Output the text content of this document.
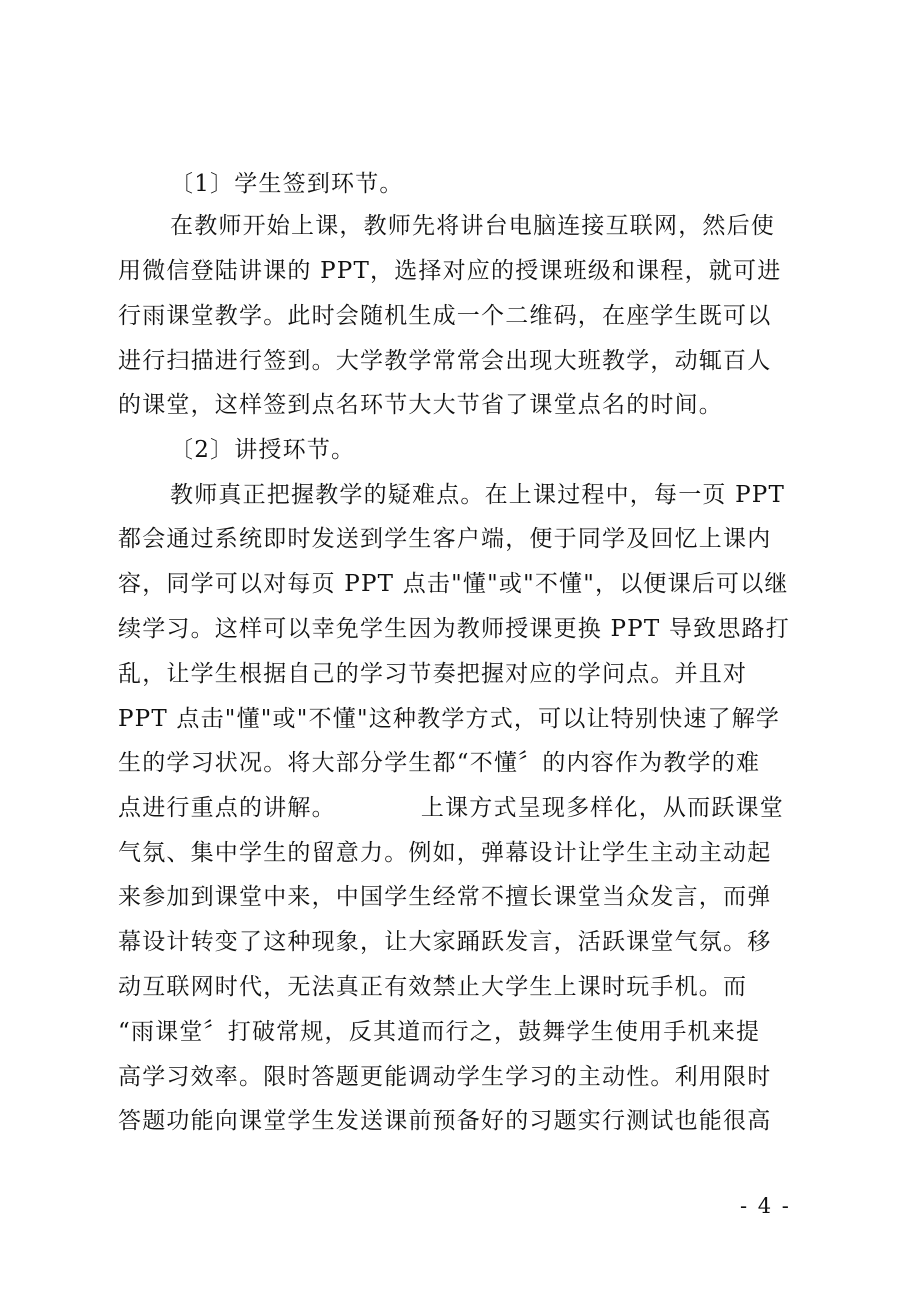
〔1〕学生签到环节。
在教师开始上课，教师先将讲台电脑连接互联网，然后使
用微信登陆讲课的 PPT，选择对应的授课班级和课程，就可进
行雨课堂教学。此时会随机生成一个二维码，在座学生既可以
进行扫描进行签到。大学教学常常会出现大班教学，动辄百人
的课堂，这样签到点名环节大大节省了课堂点名的时间。
〔2〕讲授环节。
教师真正把握教学的疑难点。在上课过程中，每一页 PPT
都会通过系统即时发送到学生客户端，便于同学及回忆上课内
容，同学可以对每页 PPT 点击"懂"或"不懂"，以便课后可以继
续学习。这样可以幸免学生因为教师授课更换 PPT 导致思路打
乱，让学生根据自己的学习节奏把握对应的学问点。并且对
PPT 点击"懂"或"不懂"这种教学方式，可以让特别快速了解学
生的学习状况。将大部分学生都“不懂〞的内容作为教学的难
点进行重点的讲解。          上课方式呈现多样化，从而跃课堂
气氛、集中学生的留意力。例如，弹幕设计让学生主动主动起
来参加到课堂中来，中国学生经常不擅长课堂当众发言，而弹
幕设计转变了这种现象，让大家踊跃发言，活跃课堂气氛。移
动互联网时代，无法真正有效禁止大学生上课时玩手机。而
“雨课堂〞打破常规，反其道而行之，鼓舞学生使用手机来提
高学习效率。限时答题更能调动学生学习的主动性。利用限时
答题功能向课堂学生发送课前预备好的习题实行测试也能很高
- 4 -
